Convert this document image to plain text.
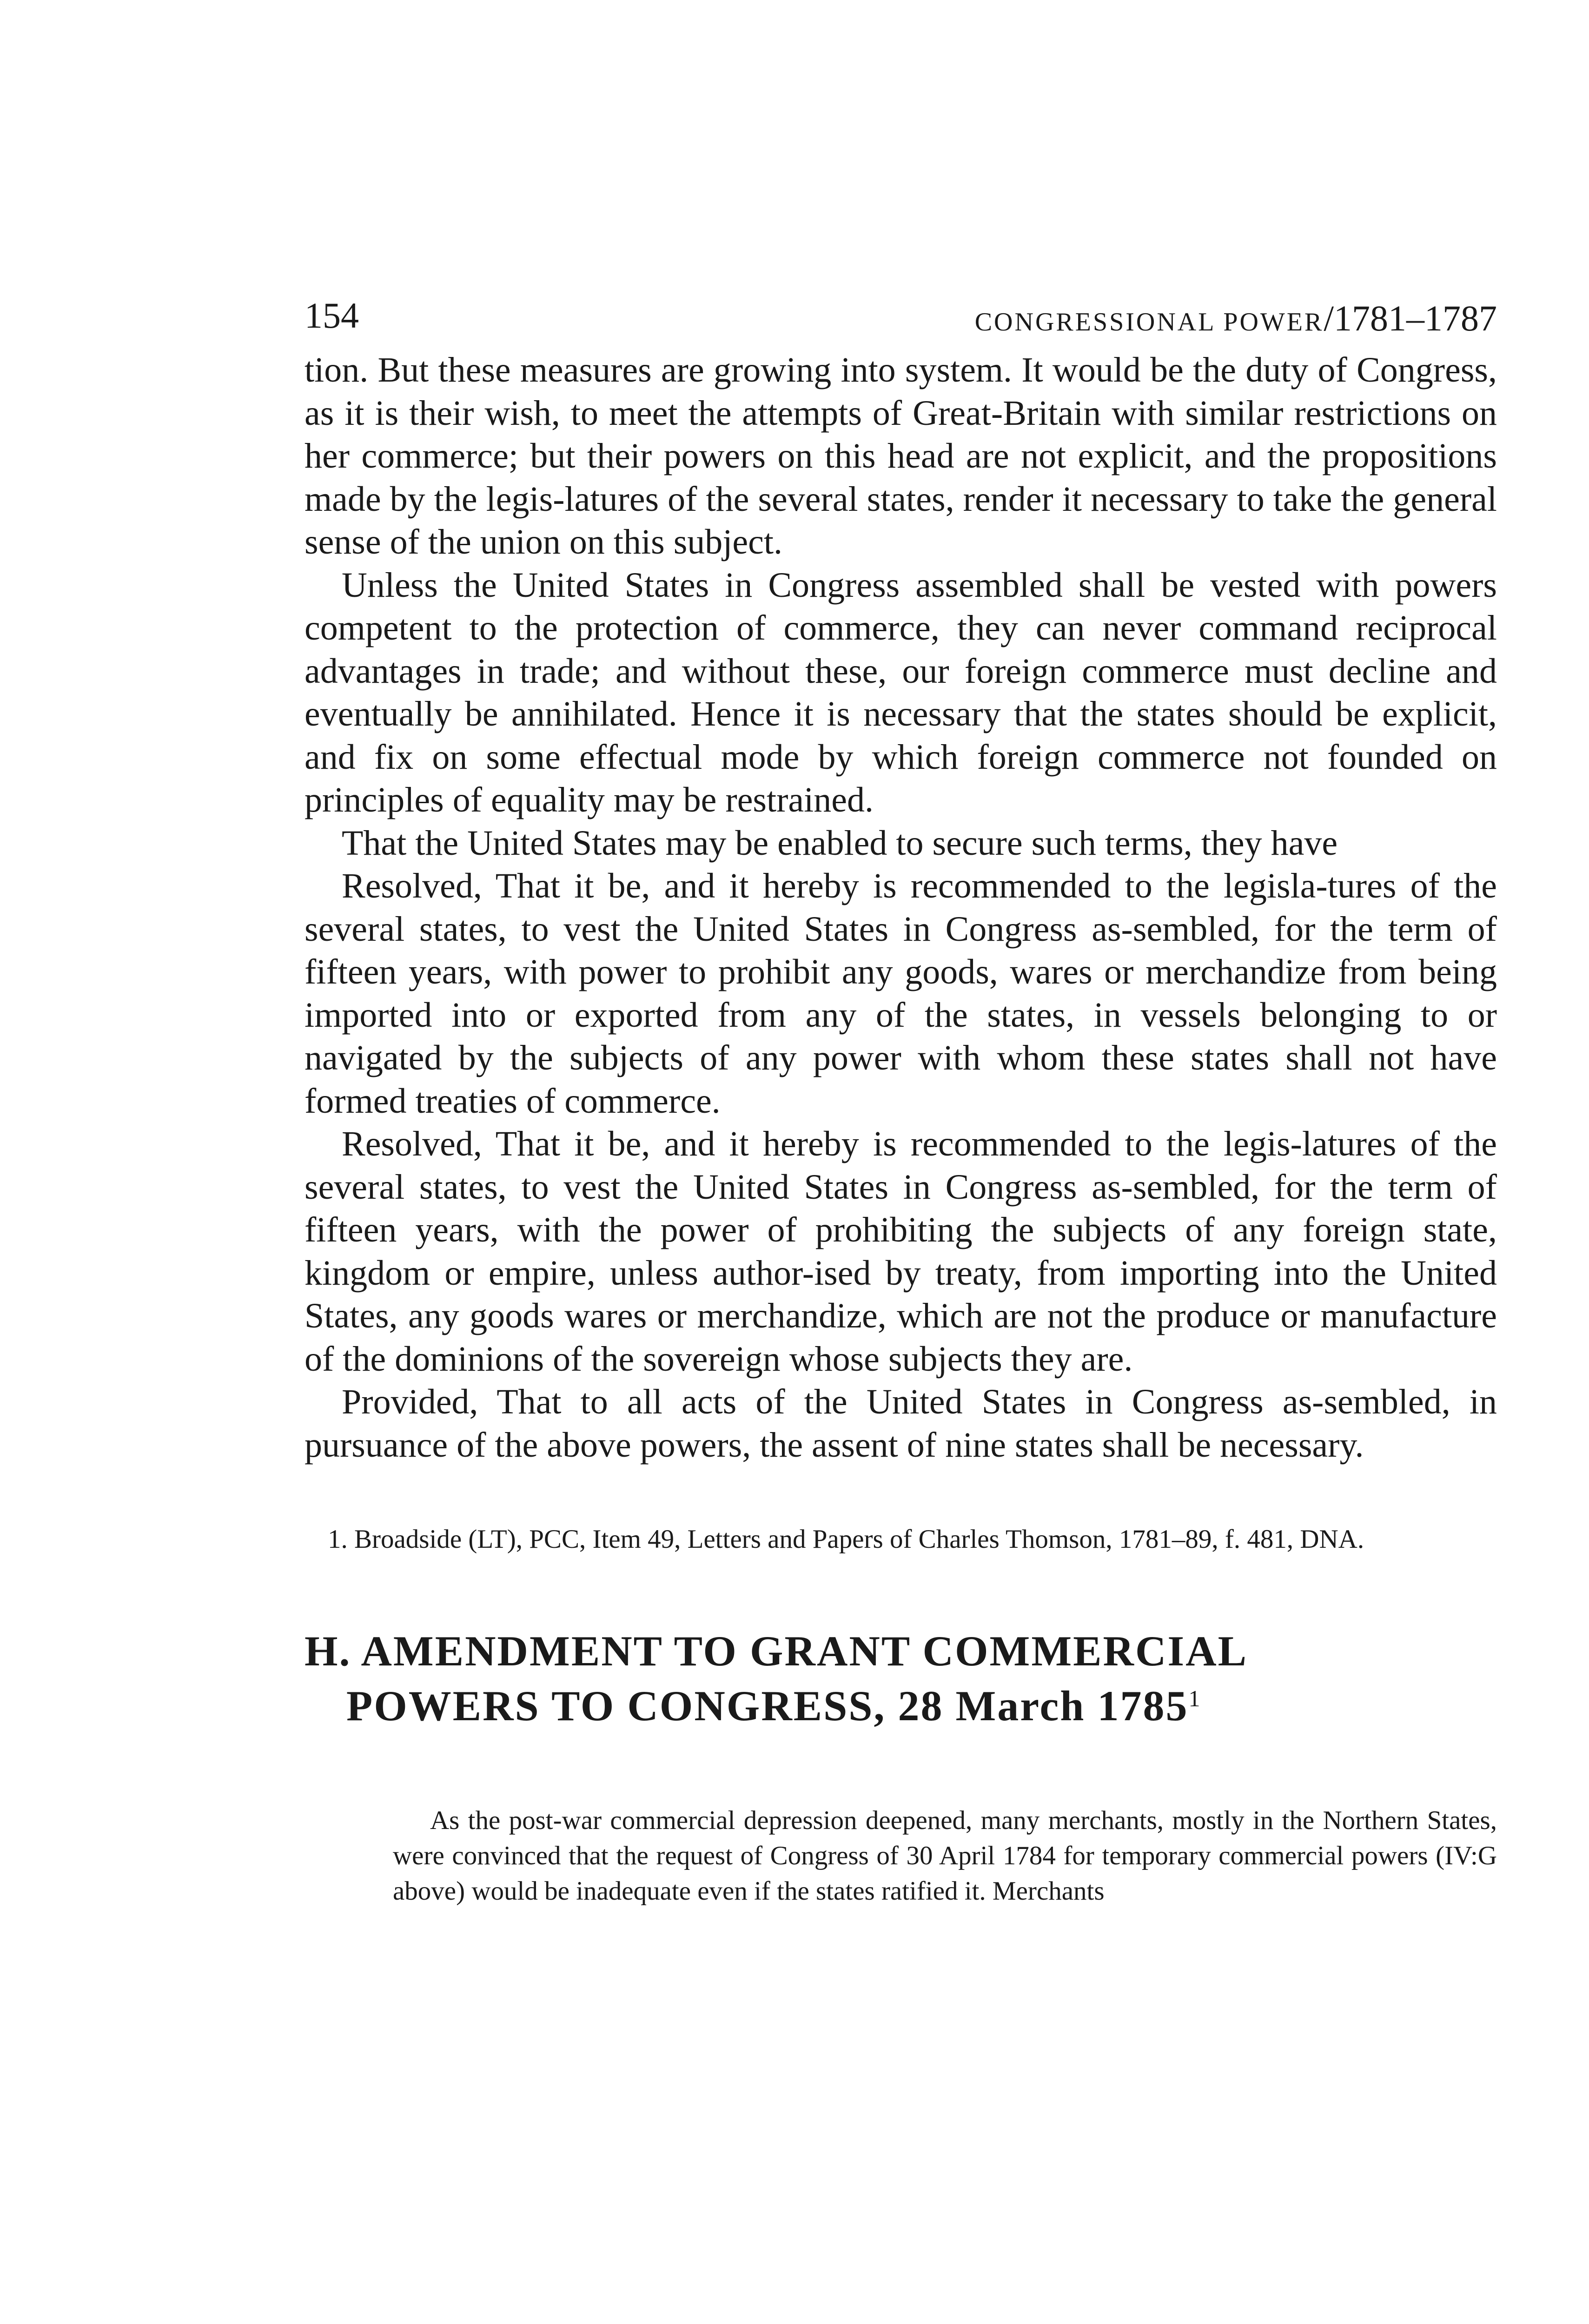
154	CONGRESSIONAL POWER/1781–1787

tion. But these measures are growing into system. It would be the duty of Congress, as it is their wish, to meet the attempts of Great-Britain with similar restrictions on her commerce; but their powers on this head are not explicit, and the propositions made by the legis-latures of the several states, render it necessary to take the general sense of the union on this subject.

Unless the United States in Congress assembled shall be vested with powers competent to the protection of commerce, they can never command reciprocal advantages in trade; and without these, our foreign commerce must decline and eventually be annihilated. Hence it is necessary that the states should be explicit, and fix on some effectual mode by which foreign commerce not founded on principles of equality may be restrained.

That the United States may be enabled to secure such terms, they have

Resolved, That it be, and it hereby is recommended to the legisla-tures of the several states, to vest the United States in Congress as-sembled, for the term of fifteen years, with power to prohibit any goods, wares or merchandize from being imported into or exported from any of the states, in vessels belonging to or navigated by the subjects of any power with whom these states shall not have formed treaties of commerce.

Resolved, That it be, and it hereby is recommended to the legis-latures of the several states, to vest the United States in Congress as-sembled, for the term of fifteen years, with the power of prohibiting the subjects of any foreign state, kingdom or empire, unless author-ised by treaty, from importing into the United States, any goods wares or merchandize, which are not the produce or manufacture of the dominions of the sovereign whose subjects they are.

Provided, That to all acts of the United States in Congress as-sembled, in pursuance of the above powers, the assent of nine states shall be necessary.

1. Broadside (LT), PCC, Item 49, Letters and Papers of Charles Thomson, 1781–89, f. 481, DNA.

H. AMENDMENT TO GRANT COMMERCIAL
POWERS TO CONGRESS, 28 March 1785$^1$

As the post-war commercial depression deepened, many merchants, mostly in the Northern States, were convinced that the request of Congress of 30 April 1784 for temporary commercial powers (IV:G above) would be inadequate even if the states ratified it. Merchants
